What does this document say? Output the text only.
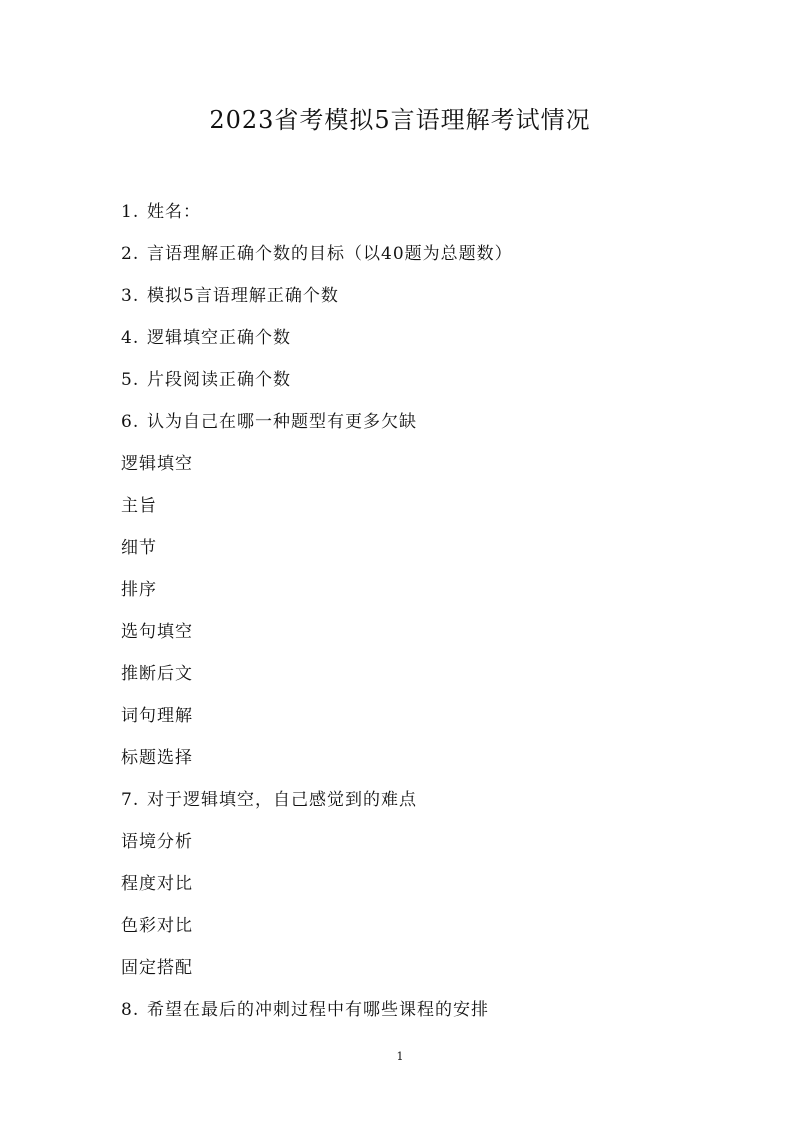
2023省考模拟5言语理解考试情况
1. 姓名：
2. 言语理解正确个数的目标（以40题为总题数）
3. 模拟5言语理解正确个数
4. 逻辑填空正确个数
5. 片段阅读正确个数
6. 认为自己在哪一种题型有更多欠缺
逻辑填空
主旨
细节
排序
选句填空
推断后文
词句理解
标题选择
7. 对于逻辑填空，自己感觉到的难点
语境分析
程度对比
色彩对比
固定搭配
8. 希望在最后的冲刺过程中有哪些课程的安排
1
